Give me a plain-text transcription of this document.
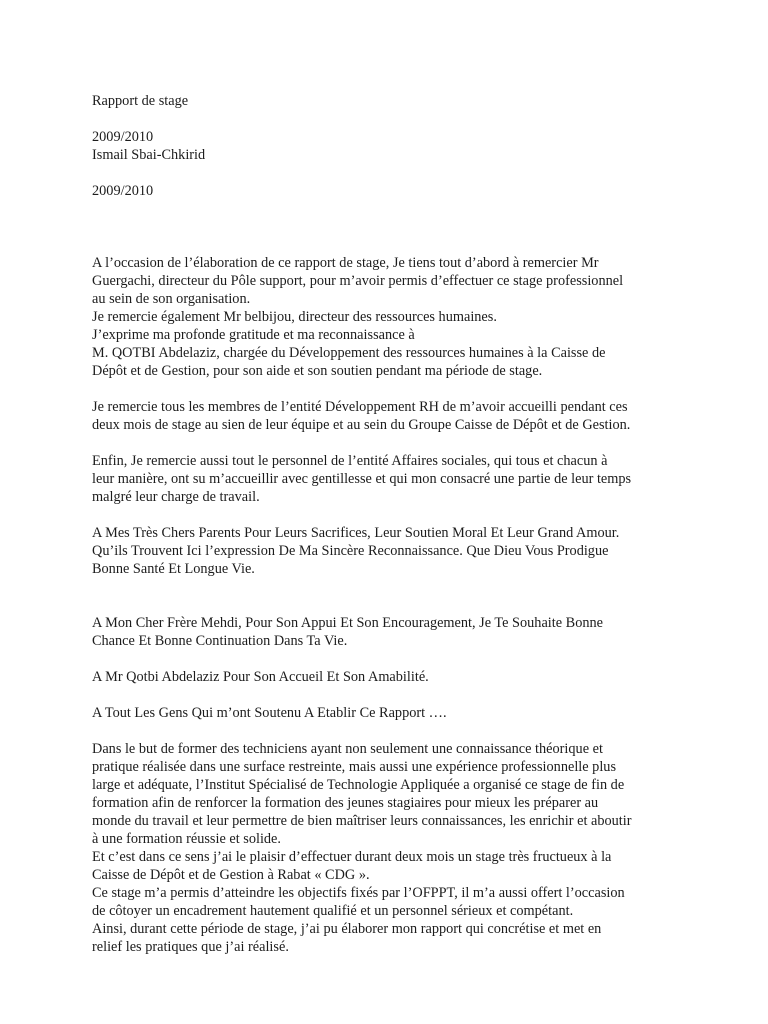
Rapport de stage
2009/2010
Ismail Sbai-Chkirid
2009/2010
A l’occasion de l’élaboration de ce rapport de stage, Je tiens tout d’abord à remercier Mr
Guergachi, directeur du Pôle support, pour m’avoir permis d’effectuer ce stage professionnel
au sein de son organisation.
Je remercie également Mr belbijou, directeur des ressources humaines.
J’exprime ma profonde gratitude et ma reconnaissance à
M. QOTBI Abdelaziz, chargée du Développement des ressources humaines à la Caisse de
Dépôt et de Gestion, pour son aide et son soutien pendant ma période de stage.
Je remercie tous les membres de l’entité Développement RH de m’avoir accueilli pendant ces
deux mois de stage au sien de leur équipe et au sein du Groupe Caisse de Dépôt et de Gestion.
Enfin, Je remercie aussi tout le personnel de l’entité Affaires sociales, qui tous et chacun à
leur manière, ont su m’accueillir avec gentillesse et qui mon consacré une partie de leur temps
malgré leur charge de travail.
A Mes Très Chers Parents Pour Leurs Sacrifices, Leur Soutien Moral Et Leur Grand Amour.
Qu’ils Trouvent Ici l’expression De Ma Sincère Reconnaissance. Que Dieu Vous Prodigue
Bonne Santé Et Longue Vie.
A Mon Cher Frère Mehdi, Pour Son Appui Et Son Encouragement, Je Te Souhaite Bonne
Chance Et Bonne Continuation Dans Ta Vie.
A Mr Qotbi Abdelaziz Pour Son Accueil Et Son Amabilité.
A Tout Les Gens Qui m’ont Soutenu A Etablir Ce Rapport ….
Dans le but de former des techniciens ayant non seulement une connaissance théorique et
pratique réalisée dans une surface restreinte, mais aussi une expérience professionnelle plus
large et adéquate, l’Institut Spécialisé de Technologie Appliquée a organisé ce stage de fin de
formation afin de renforcer la formation des jeunes stagiaires pour mieux les préparer au
monde du travail et leur permettre de bien maîtriser leurs connaissances, les enrichir et aboutir
à une formation réussie et solide.
Et c’est dans ce sens j’ai le plaisir d’effectuer durant deux mois un stage très fructueux à la
Caisse de Dépôt et de Gestion à Rabat « CDG ».
Ce stage m’a permis d’atteindre les objectifs fixés par l’OFPPT, il m’a aussi offert l’occasion
de côtoyer un encadrement hautement qualifié et un personnel sérieux et compétant.
Ainsi, durant cette période de stage, j’ai pu élaborer mon rapport qui concrétise et met en
relief les pratiques que j’ai réalisé.
